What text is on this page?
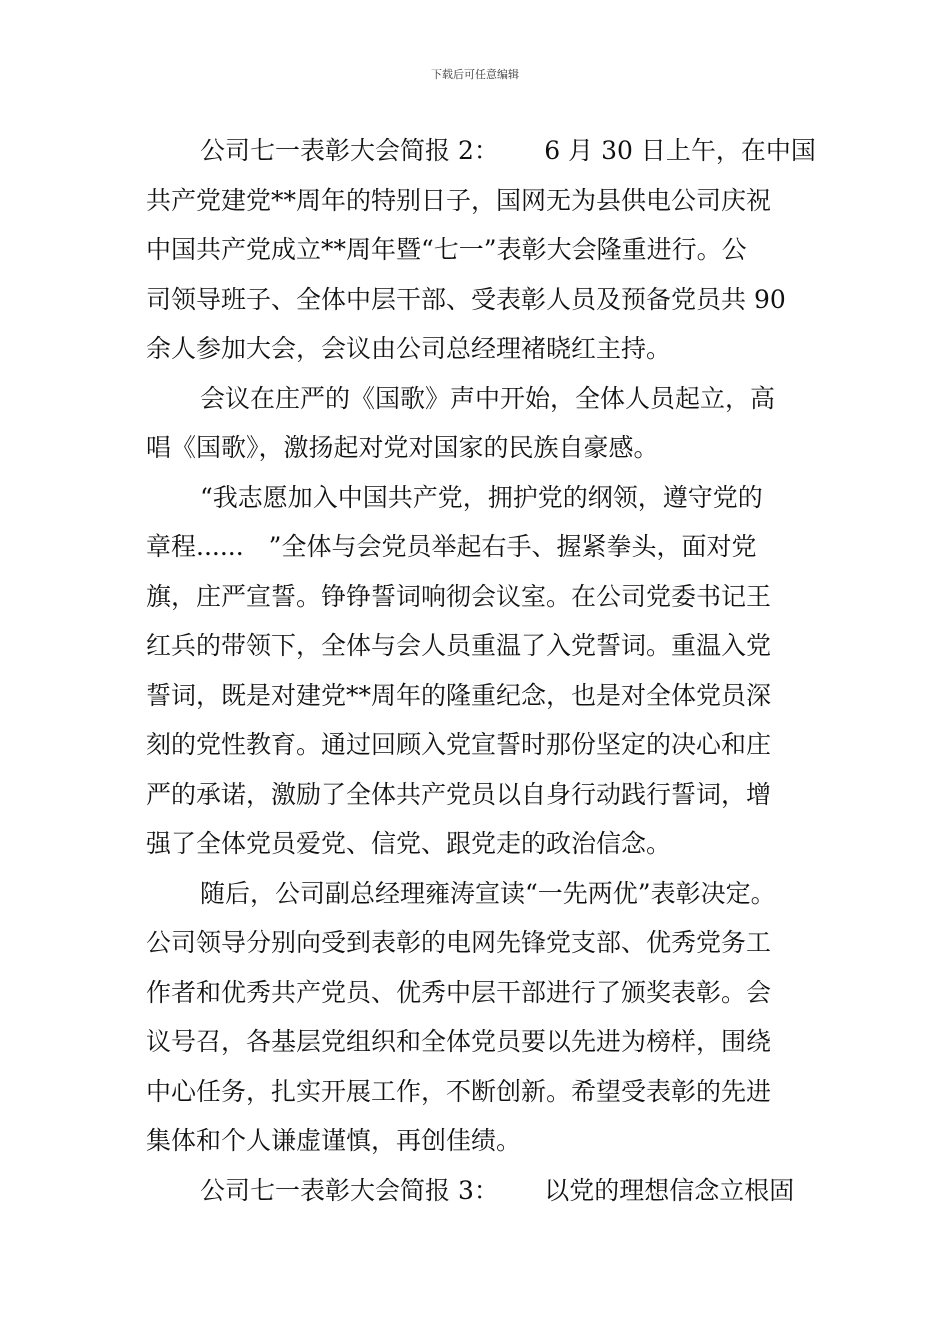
下载后可任意编辑
公司七一表彰大会简报 2：　　 6 月 30 日上午，在中国
共产党建党**周年的特别日子，国网无为县供电公司庆祝
中国共产党成立**周年暨“七一”表彰大会隆重进行。公
司领导班子、全体中层干部、受表彰人员及预备党员共 90
余人参加大会，会议由公司总经理褚晓红主持。
会议在庄严的《国歌》声中开始，全体人员起立，高
唱《国歌》，激扬起对党对国家的民族自豪感。
“我志愿加入中国共产党，拥护党的纲领，遵守党的
章程......　”全体与会党员举起右手、握紧拳头，面对党
旗，庄严宣誓。铮铮誓词响彻会议室。在公司党委书记王
红兵的带领下，全体与会人员重温了入党誓词。重温入党
誓词，既是对建党**周年的隆重纪念，也是对全体党员深
刻的党性教育。通过回顾入党宣誓时那份坚定的决心和庄
严的承诺，激励了全体共产党员以自身行动践行誓词，增
强了全体党员爱党、信党、跟党走的政治信念。
随后，公司副总经理雍涛宣读“一先两优”表彰决定。
公司领导分别向受到表彰的电网先锋党支部、优秀党务工
作者和优秀共产党员、优秀中层干部进行了颁奖表彰。会
议号召，各基层党组织和全体党员要以先进为榜样，围绕
中心任务，扎实开展工作，不断创新。希望受表彰的先进
集体和个人谦虚谨慎，再创佳绩。
公司七一表彰大会简报 3：　　 以党的理想信念立根固
